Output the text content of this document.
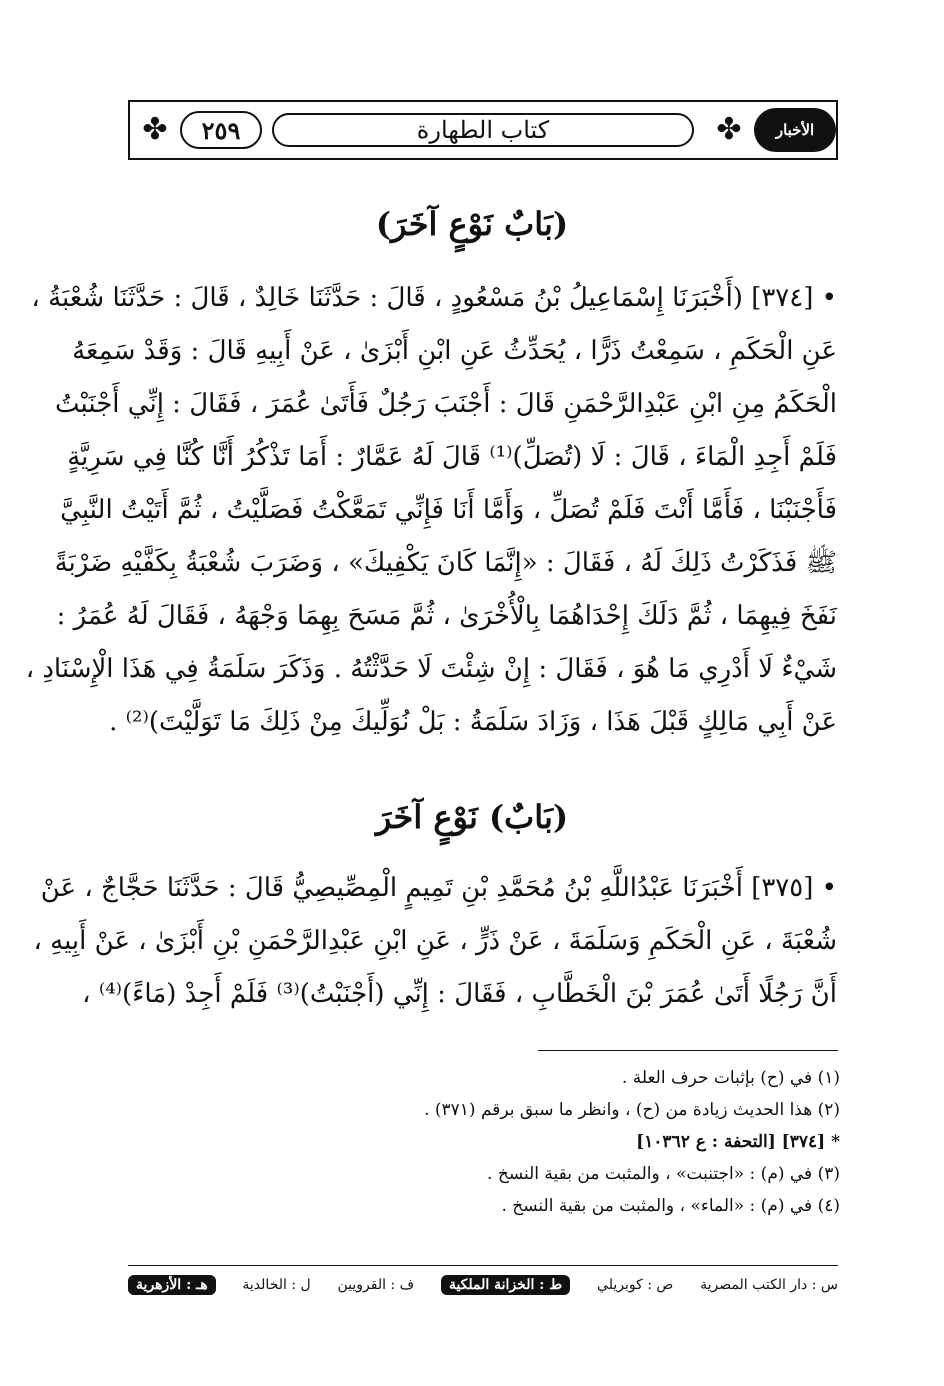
✤	٢٥٩	كتاب الطهارة	✤	الأخبار
(بَابٌ نَوْعٍ آخَرَ)
• [٣٧٤] (أَخْبَرَنَا إِسْمَاعِيلُ بْنُ مَسْعُودٍ ، قَالَ : حَدَّثَنَا خَالِدٌ ، قَالَ : حَدَّثَنَا شُعْبَةُ ،
عَنِ الْحَكَمِ ، سَمِعْتُ ذَرًّا ، يُحَدِّثُ عَنِ ابْنِ أَبْزَىٰ ، عَنْ أَبِيهِ قَالَ : وَقَدْ سَمِعَهُ
الْحَكَمُ مِنِ ابْنِ عَبْدِالرَّحْمَنِ قَالَ : أَجْنَبَ رَجُلٌ فَأَتَىٰ عُمَرَ ، فَقَالَ : إِنِّي أَجْنَبْتُ
فَلَمْ أَجِدِ الْمَاءَ ، قَالَ : لَا (تُصَلِّ)⁽¹⁾ قَالَ لَهُ عَمَّارٌ : أَمَا تَذْكُرُ أَنَّا كُنَّا فِي سَرِيَّةٍ
فَأَجْنَبْنَا ، فَأَمَّا أَنْتَ فَلَمْ تُصَلِّ ، وَأَمَّا أَنَا فَإِنِّي تَمَعَّكْتُ فَصَلَّيْتُ ، ثُمَّ أَتَيْتُ النَّبِيَّ
ﷺ فَذَكَرْتُ ذَلِكَ لَهُ ، فَقَالَ : «إِنَّمَا كَانَ يَكْفِيكَ» ، وَضَرَبَ شُعْبَةُ بِكَفَّيْهِ ضَرْبَةً
نَفَخَ فِيهِمَا ، ثُمَّ دَلَكَ إِحْدَاهُمَا بِالْأُخْرَىٰ ، ثُمَّ مَسَحَ بِهِمَا وَجْهَهُ ، فَقَالَ لَهُ عُمَرُ :
شَيْءٌ لَا أَدْرِي مَا هُوَ ، فَقَالَ : إِنْ شِئْتَ لَا حَدَّثْتُهُ . وَذَكَرَ سَلَمَةُ فِي هَذَا الْإِسْنَادِ ،
عَنْ أَبِي مَالِكٍ قَبْلَ هَذَا ، وَزَادَ سَلَمَةُ : بَلْ نُوَلِّيكَ مِنْ ذَلِكَ مَا تَوَلَّيْتَ)⁽²⁾ .
(بَابٌ) نَوْعٍ آخَرَ
• [٣٧٥] أَخْبَرَنَا عَبْدُاللَّهِ بْنُ مُحَمَّدِ بْنِ تَمِيمٍ الْمِصِّيصِيُّ قَالَ : حَدَّثَنَا حَجَّاجٌ ، عَنْ
شُعْبَةَ ، عَنِ الْحَكَمِ وَسَلَمَةَ ، عَنْ ذَرٍّ ، عَنِ ابْنِ عَبْدِالرَّحْمَنِ بْنِ أَبْزَىٰ ، عَنْ أَبِيهِ ،
أَنَّ رَجُلًا أَتَىٰ عُمَرَ بْنَ الْخَطَّابِ ، فَقَالَ : إِنِّي (أَجْنَبْتُ)⁽³⁾ فَلَمْ أَجِدْ (مَاءً)⁽⁴⁾ ،
(١) في (ح) بإثبات حرف العلة .
(٢) هذا الحديث زيادة من (ح) ، وانظر ما سبق برقم (٣٧١) .
* [٣٧٤] [التحفة : ع ١٠٣٦٢]
(٣) في (م) : «اجتنبت» ، والمثبت من بقية النسخ .
(٤) في (م) : «الماء» ، والمثبت من بقية النسخ .
س : دار الكتب المصرية
ص : كوبريلي
ط : الخزانة الملكية
ف : القرويين
ل : الخالدية
هـ : الأزهرية
